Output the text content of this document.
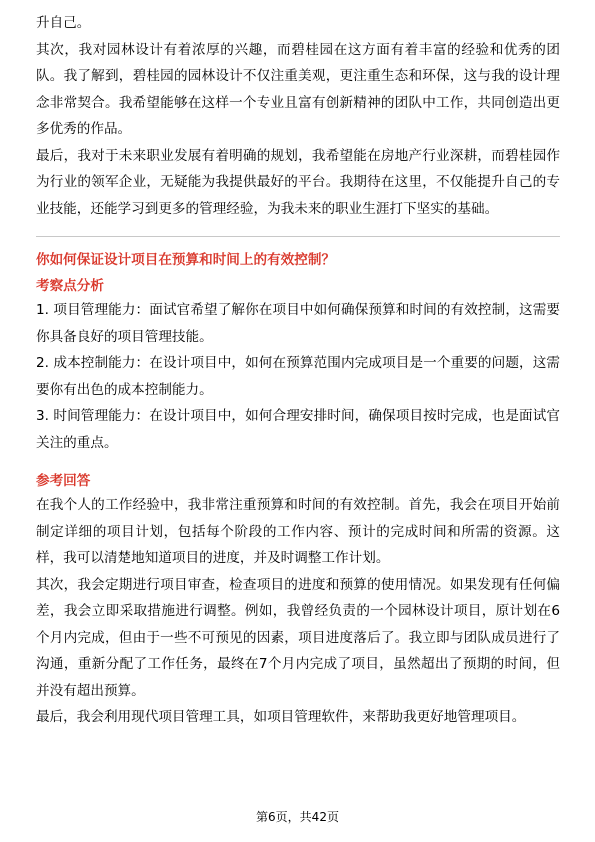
升自己。

其次，我对园林设计有着浓厚的兴趣，而碧桂园在这方面有着丰富的经验和优秀的团队。我了解到，碧桂园的园林设计不仅注重美观，更注重生态和环保，这与我的设计理念非常契合。我希望能够在这样一个专业且富有创新精神的团队中工作，共同创造出更多优秀的作品。

最后，我对于未来职业发展有着明确的规划，我希望能在房地产行业深耕，而碧桂园作为行业的领军企业，无疑能为我提供最好的平台。我期待在这里，不仅能提升自己的专业技能，还能学习到更多的管理经验，为我未来的职业生涯打下坚实的基础。

你如何保证设计项目在预算和时间上的有效控制？

考察点分析

1. 项目管理能力：面试官希望了解你在项目中如何确保预算和时间的有效控制，这需要你具备良好的项目管理技能。

2. 成本控制能力：在设计项目中，如何在预算范围内完成项目是一个重要的问题，这需要你有出色的成本控制能力。

3. 时间管理能力：在设计项目中，如何合理安排时间，确保项目按时完成，也是面试官关注的重点。

参考回答

在我个人的工作经验中，我非常注重预算和时间的有效控制。首先，我会在项目开始前制定详细的项目计划，包括每个阶段的工作内容、预计的完成时间和所需的资源。这样，我可以清楚地知道项目的进度，并及时调整工作计划。

其次，我会定期进行项目审查，检查项目的进度和预算的使用情况。如果发现有任何偏差，我会立即采取措施进行调整。例如，我曾经负责的一个园林设计项目，原计划在6个月内完成，但由于一些不可预见的因素，项目进度落后了。我立即与团队成员进行了沟通，重新分配了工作任务，最终在7个月内完成了项目，虽然超出了预期的时间，但并没有超出预算。

最后，我会利用现代项目管理工具，如项目管理软件，来帮助我更好地管理项目。

第6页，共42页
